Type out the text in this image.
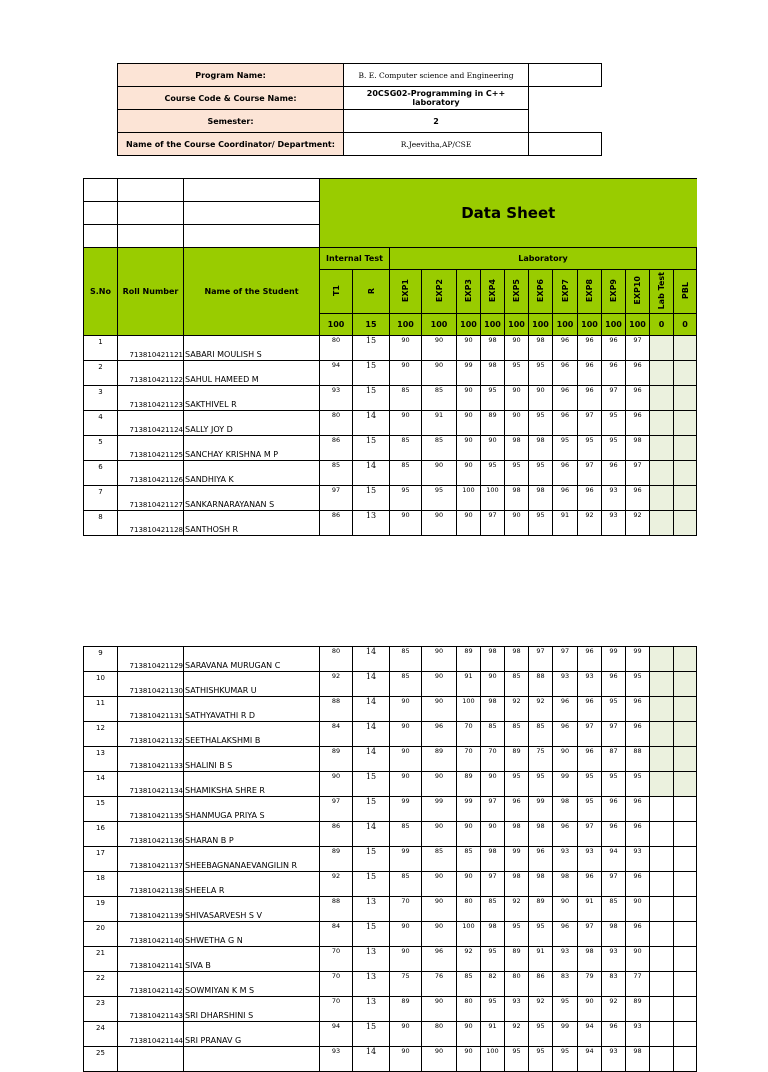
Program Name:	B. E. Computer science and Engineering	
Course Code & Course Name:	20CSG02-Programming in C++
laboratory	

Semester:	2	
Name of the Course Coordinator/ Department:	R.Jeevitha,AP/CSE	
			Data Sheet													

S.No	Roll Number	Name of the Student	Internal Test		Laboratory											
			T1	R	EXP1	EXP2	EXP3	EXP4	EXP5	EXP6	EXP7	EXP8	EXP9	EXP10	Lab Test	PBL
			100	15	100	100	100	100	100	100	100	100	100	100	0	0
1	713810421121	SABARI MOULISH S	80	15	90	90	90	98	90	98	96	96	96	97		
2	713810421122	SAHUL HAMEED M	94	15	90	90	99	98	95	95	96	96	96	96		
3	713810421123	SAKTHIVEL R	93	15	85	85	90	95	90	90	96	96	97	96		
4	713810421124	SALLY JOY D	80	14	90	91	90	89	90	95	96	97	95	96		
5	713810421125	SANCHAY KRISHNA M P	86	15	85	85	90	90	98	98	95	95	95	98		
6	713810421126	SANDHIYA K	85	14	85	90	90	95	95	95	96	97	96	97		
7	713810421127	SANKARNARAYANAN S	97	15	95	95	100	100	98	98	96	96	93	96		
8	713810421128	SANTHOSH R	86	13	90	90	90	97	90	95	91	92	93	92		
9	713810421129	SARAVANA MURUGAN C	80	14	85	90	89	98	98	97	97	96	99	99		
10	713810421130	SATHISHKUMAR U	92	14	85	90	91	90	85	88	93	93	96	95		
11	713810421131	SATHYAVATHI R D	88	14	90	90	100	98	92	92	96	96	95	96		
12	713810421132	SEETHALAKSHMI B	84	14	90	96	70	85	85	85	96	97	97	96		
13	713810421133	SHALINI B S	89	14	90	89	70	70	89	75	90	96	87	88		
14	713810421134	SHAMIKSHA SHRE R	90	15	90	90	89	90	95	95	99	95	95	95		
15	713810421135	SHANMUGA PRIYA S	97	15	99	99	99	97	96	99	98	95	96	96		
16	713810421136	SHARAN B P	86	14	85	90	90	90	98	98	96	97	96	96		
17	713810421137	SHEEBAGNANAEVANGILIN R	89	15	99	85	85	98	99	96	93	93	94	93		
18	713810421138	SHEELA R	92	15	85	90	90	97	98	98	98	96	97	96		
19	713810421139	SHIVASARVESH S V	88	13	70	90	80	85	92	89	90	91	85	90		
20	713810421140	SHWETHA G N	84	15	90	90	100	98	95	95	96	97	98	96		
21	713810421141	SIVA B	70	13	90	96	92	95	89	91	93	98	93	90		
22	713810421142	SOWMIYAN K M S	70	13	75	76	85	82	80	86	83	79	83	77		
23	713810421143	SRI DHARSHINI S	70	13	89	90	80	95	93	92	95	90	92	89		
24	713810421144	SRI PRANAV G	94	15	90	80	90	91	92	95	99	94	96	93		
25			93	14	90	90	90	100	95	95	95	94	93	98		
